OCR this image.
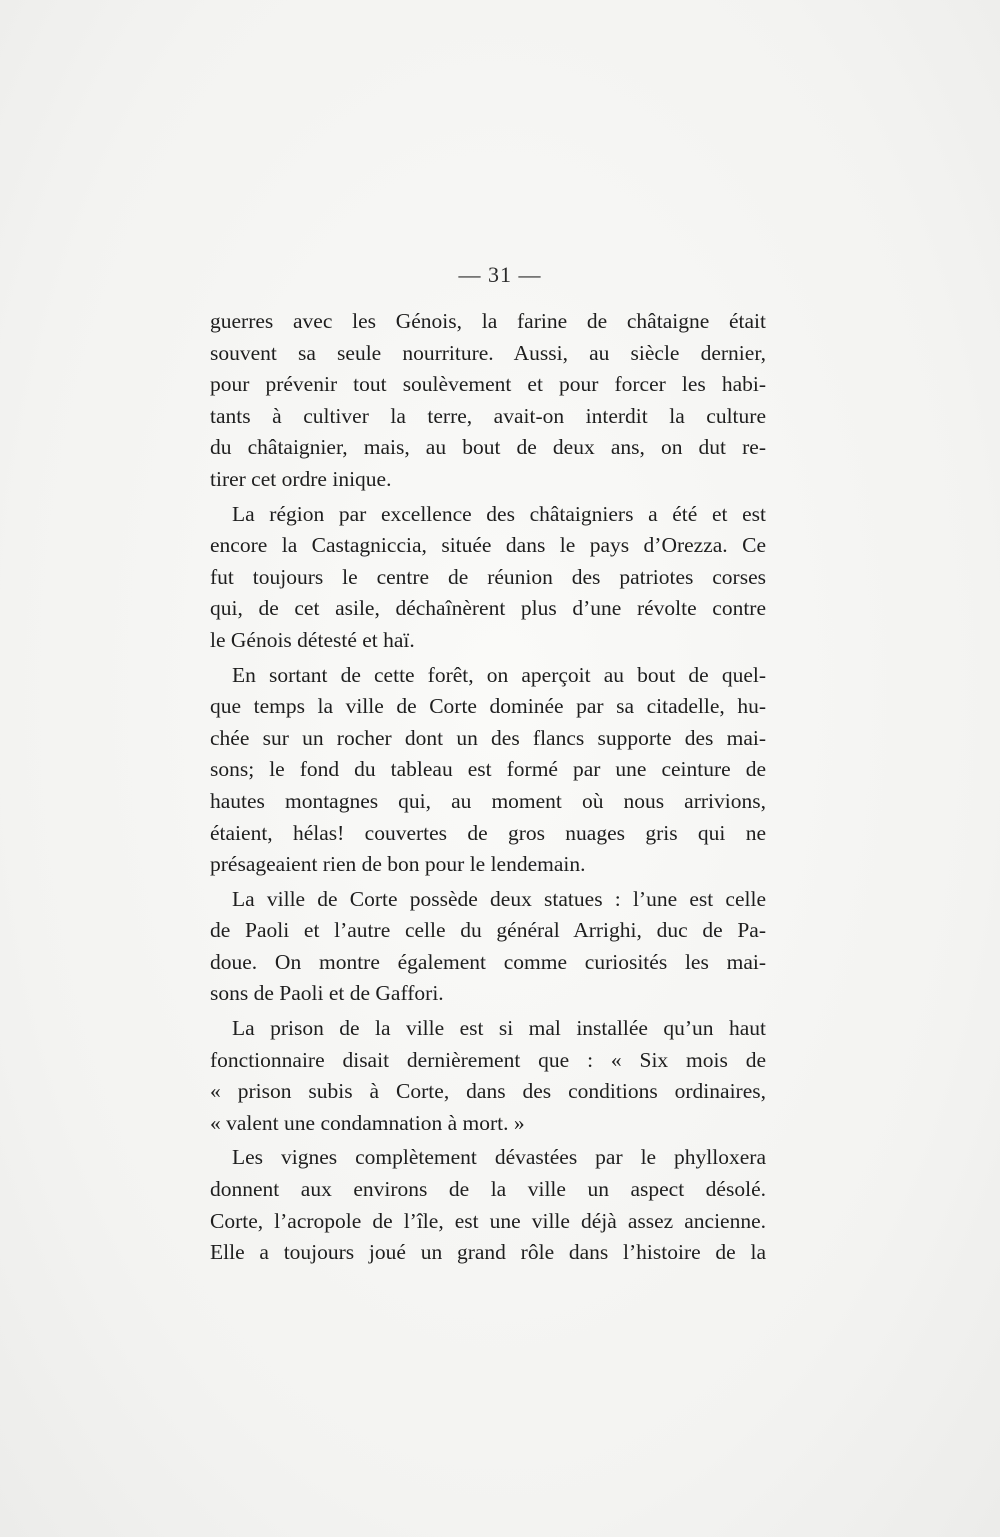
— 31 —
guerres avec les Génois, la farine de châtaigne était
souvent sa seule nourriture. Aussi, au siècle dernier,
pour prévenir tout soulèvement et pour forcer les habi-
tants à cultiver la terre, avait-on interdit la culture
du châtaignier, mais, au bout de deux ans, on dut re-
tirer cet ordre inique.
La région par excellence des châtaigniers a été et est
encore la Castagniccia, située dans le pays d’Orezza. Ce
fut toujours le centre de réunion des patriotes corses
qui, de cet asile, déchaînèrent plus d’une révolte contre
le Génois détesté et haï.
En sortant de cette forêt, on aperçoit au bout de quel-
que temps la ville de Corte dominée par sa citadelle, hu-
chée sur un rocher dont un des flancs supporte des mai-
sons; le fond du tableau est formé par une ceinture de
hautes montagnes qui, au moment où nous arrivions,
étaient, hélas! couvertes de gros nuages gris qui ne
présageaient rien de bon pour le lendemain.
La ville de Corte possède deux statues : l’une est celle
de Paoli et l’autre celle du général Arrighi, duc de Pa-
doue. On montre également comme curiosités les mai-
sons de Paoli et de Gaffori.
La prison de la ville est si mal installée qu’un haut
fonctionnaire disait dernièrement que : « Six mois de
« prison subis à Corte, dans des conditions ordinaires,
« valent une condamnation à mort. »
Les vignes complètement dévastées par le phylloxera
donnent aux environs de la ville un aspect désolé.
Corte, l’acropole de l’île, est une ville déjà assez ancienne.
Elle a toujours joué un grand rôle dans l’histoire de la
